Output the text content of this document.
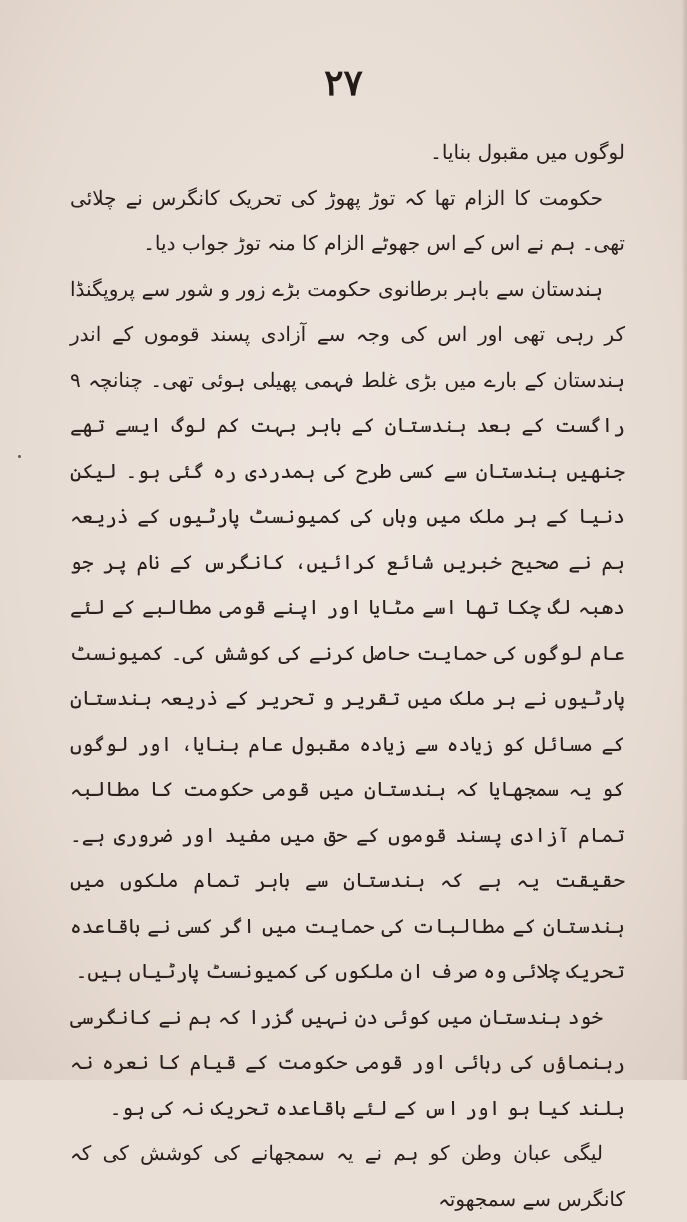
۲۷

لوگوں میں مقبول بنایا۔

حکومت کا الزام تھا کہ توڑ پھوڑ کی تحریک کانگرس نے چلائی تھی۔ ہم نے اس کے اس جھوٹے الزام کا منہ توڑ جواب دیا۔

ہندستان سے باہر برطانوی حکومت بڑے زور و شور سے پروپگنڈا کر رہی تھی اور اس کی وجہ سے آزادی پسند قوموں کے اندر ہندستان کے بارے میں بڑی غلط فہمی پھیلی ہوئی تھی۔ چنانچہ ۹ راگست کے بعد ہندستان کے باہر بہت کم لوگ ایسے تھے جنھیں ہندستان سے کسی طرح کی ہمدردی رہ گئی ہو۔ لیکن دنیا کے ہر ملک میں وہاں کی کمیونسٹ پارٹیوں کے ذریعہ ہم نے صحیح خبریں شائع کرائیں، کانگرس کے نام پر جو دھبہ لگ چکا تھا اسے مٹایا اور اپنے قومی مطالبے کے لئے عام لوگوں کی حمایت حاصل کرنے کی کوشش کی۔ کمیونسٹ پارٹیوں نے ہر ملک میں تقریر و تحریر کے ذریعہ ہندستان کے مسائل کو زیادہ سے زیادہ مقبول عام بنایا، اور لوگوں کو یہ سمجھایا کہ ہندستان میں قومی حکومت کا مطالبہ تمام آزادی پسند قوموں کے حق میں مفید اور ضروری ہے۔ حقیقت یہ ہے کہ ہندستان سے باہر تمام ملکوں میں ہندستان کے مطالبات کی حمایت میں اگر کسی نے باقاعدہ تحریک چلائی وہ صرف ان ملکوں کی کمیونسٹ پارٹیاں ہیں۔

خود ہندستان میں کوئی دن نہیں گزرا کہ ہم نے کانگرسی رہنماؤں کی رہائی اور قومی حکومت کے قیام کا نعرہ نہ بلند کیا ہو اور اس کے لئے باقاعدہ تحریک نہ کی ہو۔

لیگی عبان وطن کو ہم نے یہ سمجھانے کی کوشش کی کہ کانگرس سے سمجھوتہ
